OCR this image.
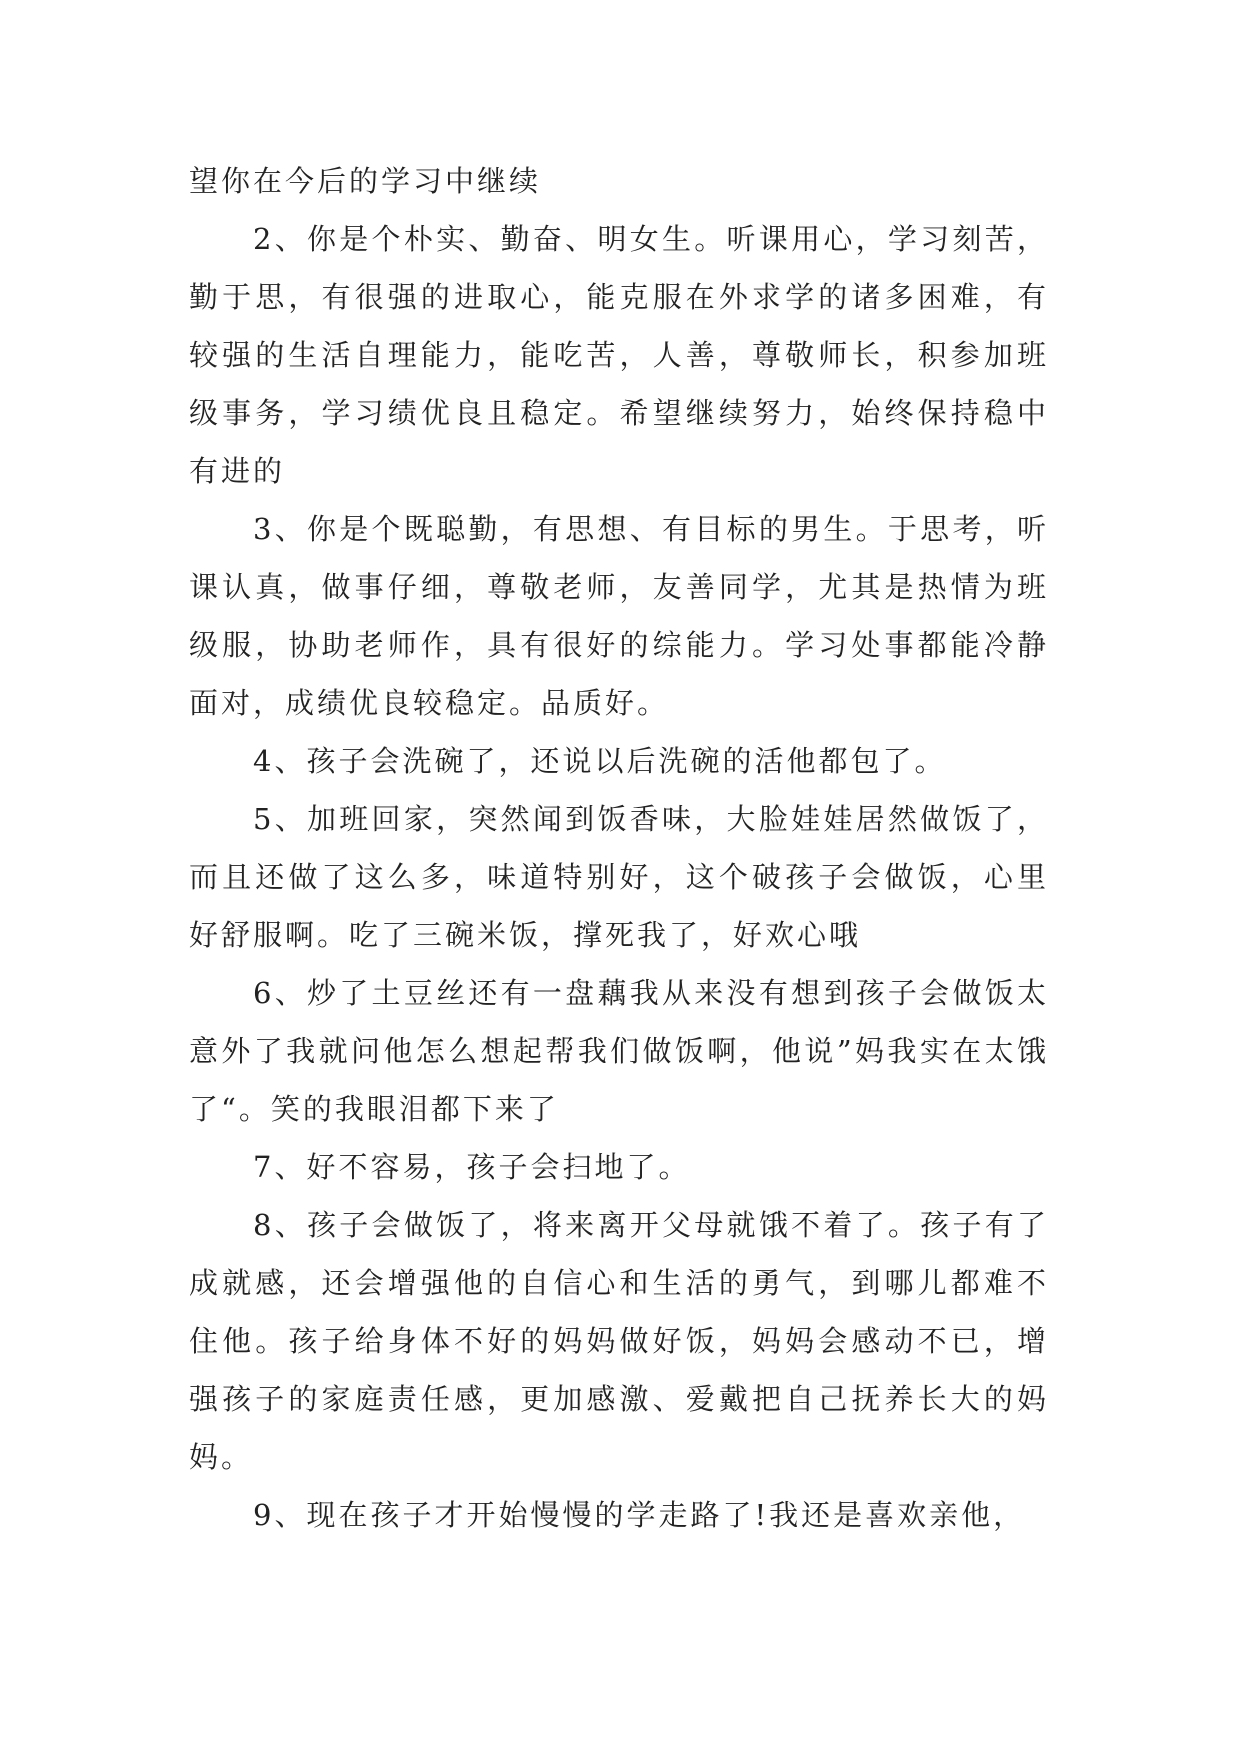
望你在今后的学习中继续

2、你是个朴实、勤奋、明女生。听课用心，学习刻苦，勤于思，有很强的进取心，能克服在外求学的诸多困难，有较强的生活自理能力，能吃苦，人善，尊敬师长，积参加班级事务，学习绩优良且稳定。希望继续努力，始终保持稳中有进的

3、你是个既聪勤，有思想、有目标的男生。于思考，听课认真，做事仔细，尊敬老师，友善同学，尤其是热情为班级服，协助老师作，具有很好的综能力。学习处事都能冷静面对，成绩优良较稳定。品质好。

4、孩子会洗碗了，还说以后洗碗的活他都包了。

5、加班回家，突然闻到饭香味，大脸娃娃居然做饭了，而且还做了这么多，味道特别好，这个破孩子会做饭，心里好舒服啊。吃了三碗米饭，撑死我了，好欢心哦

6、炒了土豆丝还有一盘藕我从来没有想到孩子会做饭太意外了我就问他怎么想起帮我们做饭啊，他说”妈我实在太饿了“。笑的我眼泪都下来了

7、好不容易，孩子会扫地了。

8、孩子会做饭了，将来离开父母就饿不着了。孩子有了成就感，还会增强他的自信心和生活的勇气，到哪儿都难不住他。孩子给身体不好的妈妈做好饭，妈妈会感动不已，增强孩子的家庭责任感，更加感激、爱戴把自己抚养长大的妈妈。

9、现在孩子才开始慢慢的学走路了!我还是喜欢亲他，
